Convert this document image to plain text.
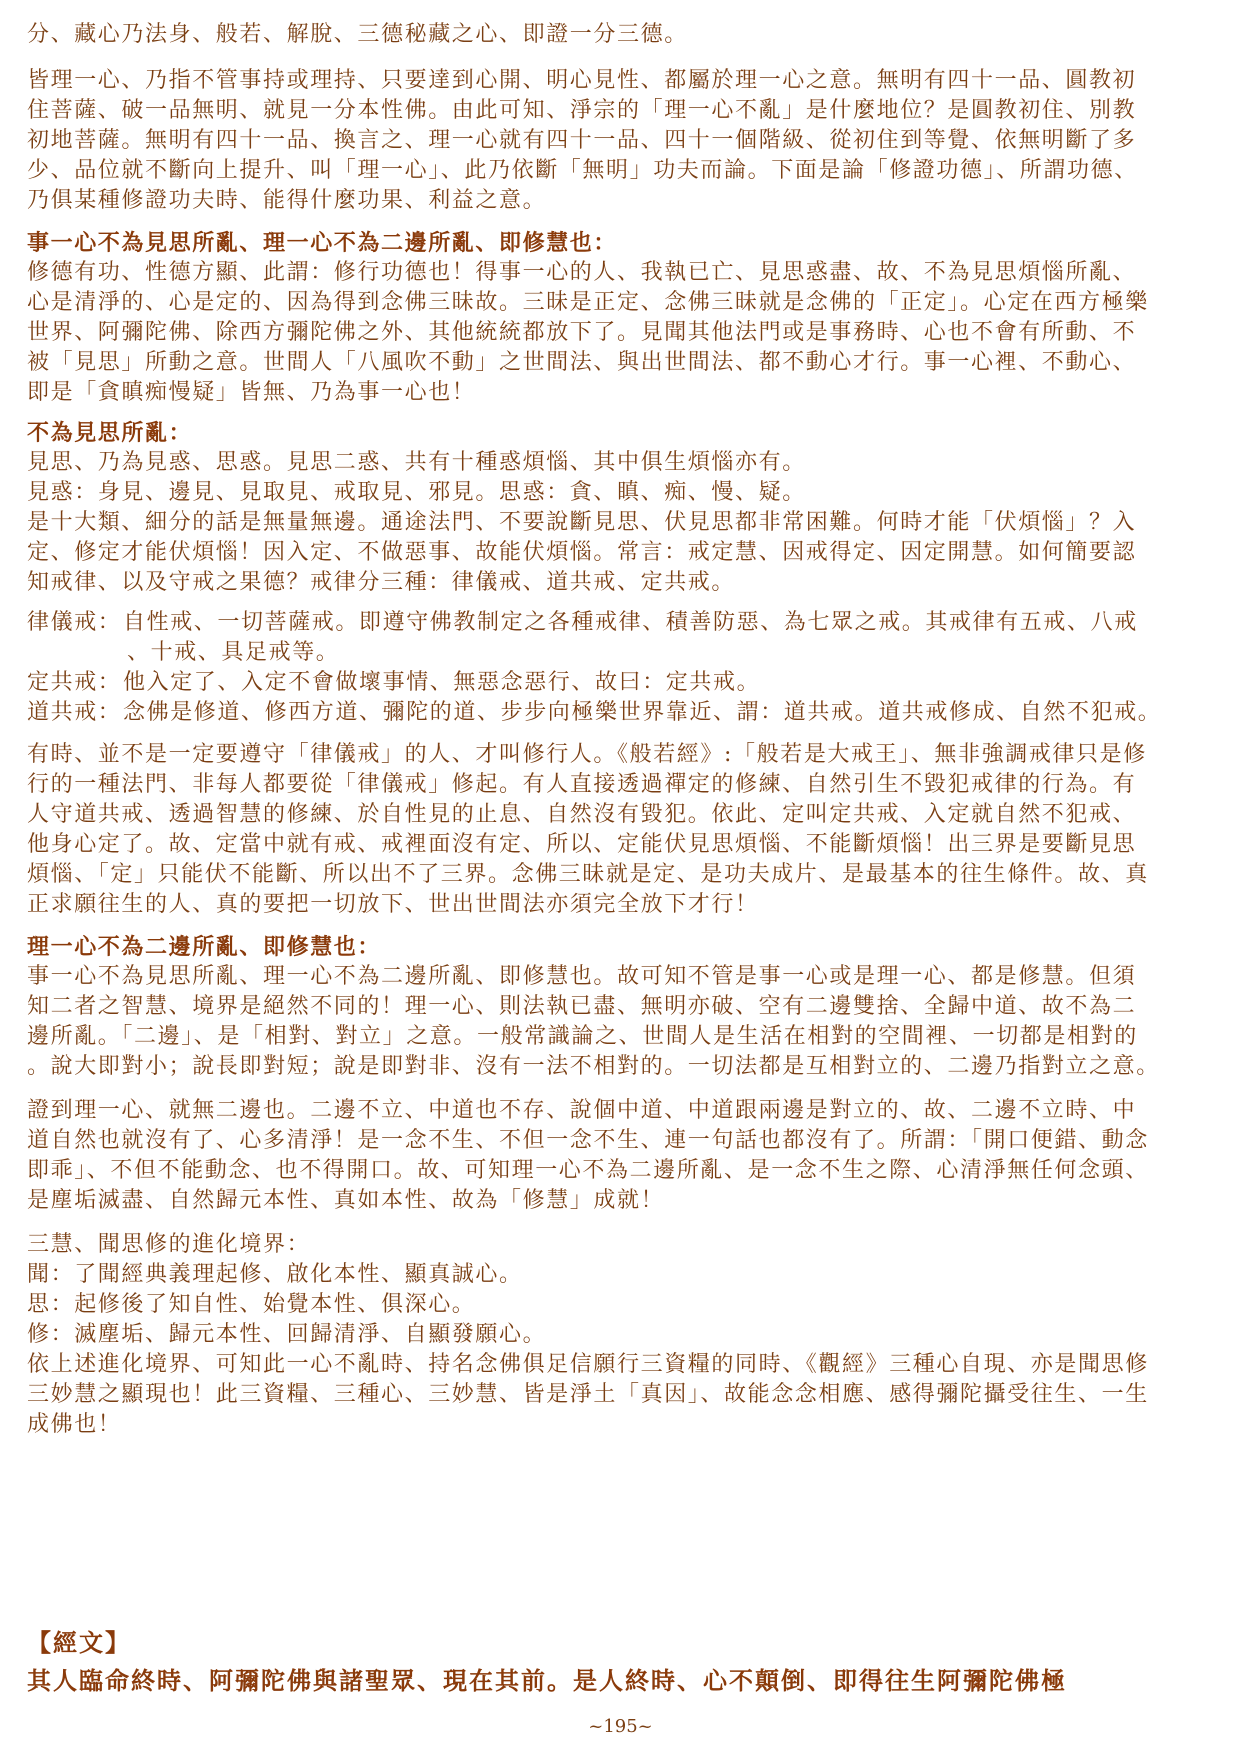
分、藏心乃法身、般若、解脫、三德秘藏之心、即證一分三德。
皆理一心、乃指不管事持或理持、只要達到心開、明心見性、都屬於理一心之意。無明有四十一品、圓教初
住菩薩、破一品無明、就見一分本性佛。由此可知、淨宗的「理一心不亂」是什麼地位？是圓教初住、別教
初地菩薩。無明有四十一品、換言之、理一心就有四十一品、四十一個階級、從初住到等覺、依無明斷了多
少、品位就不斷向上提升、叫「理一心」、此乃依斷「無明」功夫而論。下面是論「修證功德」、所謂功德、
乃俱某種修證功夫時、能得什麼功果、利益之意。
事一心不為見思所亂、理一心不為二邊所亂、即修慧也：
修德有功、性德方顯、此謂：修行功德也！得事一心的人、我執已亡、見思惑盡、故、不為見思煩惱所亂、
心是清淨的、心是定的、因為得到念佛三昧故。三昧是正定、念佛三昧就是念佛的「正定」。心定在西方極樂
世界、阿彌陀佛、除西方彌陀佛之外、其他統統都放下了。見聞其他法門或是事務時、心也不會有所動、不
被「見思」所動之意。世間人「八風吹不動」之世間法、與出世間法、都不動心才行。事一心裡、不動心、
即是「貪瞋痴慢疑」皆無、乃為事一心也！
不為見思所亂：
見思、乃為見惑、思惑。見思二惑、共有十種惑煩惱、其中俱生煩惱亦有。
見惑：身見、邊見、見取見、戒取見、邪見。思惑：貪、瞋、痴、慢、疑。
是十大類、細分的話是無量無邊。通途法門、不要說斷見思、伏見思都非常困難。何時才能「伏煩惱」？入
定、修定才能伏煩惱！因入定、不做惡事、故能伏煩惱。常言：戒定慧、因戒得定、因定開慧。如何簡要認
知戒律、以及守戒之果德？戒律分三種：律儀戒、道共戒、定共戒。
律儀戒：自性戒、一切菩薩戒。即遵守佛教制定之各種戒律、積善防惡、為七眾之戒。其戒律有五戒、八戒
、十戒、具足戒等。
定共戒：他入定了、入定不會做壞事情、無惡念惡行、故曰：定共戒。
道共戒：念佛是修道、修西方道、彌陀的道、步步向極樂世界靠近、謂：道共戒。道共戒修成、自然不犯戒。
有時、並不是一定要遵守「律儀戒」的人、才叫修行人。《般若經》:「般若是大戒王」、無非強調戒律只是修
行的一種法門、非每人都要從「律儀戒」修起。有人直接透過禪定的修練、自然引生不毀犯戒律的行為。有
人守道共戒、透過智慧的修練、於自性見的止息、自然沒有毀犯。依此、定叫定共戒、入定就自然不犯戒、
他身心定了。故、定當中就有戒、戒裡面沒有定、所以、定能伏見思煩惱、不能斷煩惱！出三界是要斷見思
煩惱、「定」只能伏不能斷、所以出不了三界。念佛三昧就是定、是功夫成片、是最基本的往生條件。故、真
正求願往生的人、真的要把一切放下、世出世間法亦須完全放下才行！
理一心不為二邊所亂、即修慧也：
事一心不為見思所亂、理一心不為二邊所亂、即修慧也。故可知不管是事一心或是理一心、都是修慧。但須
知二者之智慧、境界是絕然不同的！理一心、則法執已盡、無明亦破、空有二邊雙捨、全歸中道、故不為二
邊所亂。「二邊」、是「相對、對立」之意。一般常識論之、世間人是生活在相對的空間裡、一切都是相對的
。說大即對小；說長即對短；說是即對非、沒有一法不相對的。一切法都是互相對立的、二邊乃指對立之意。
證到理一心、就無二邊也。二邊不立、中道也不存、說個中道、中道跟兩邊是對立的、故、二邊不立時、中
道自然也就沒有了、心多清淨！是一念不生、不但一念不生、連一句話也都沒有了。所謂：「開口便錯、動念
即乖」、不但不能動念、也不得開口。故、可知理一心不為二邊所亂、是一念不生之際、心清淨無任何念頭、
是塵垢滅盡、自然歸元本性、真如本性、故為「修慧」成就！
三慧、聞思修的進化境界：
聞：了聞經典義理起修、啟化本性、顯真誠心。
思：起修後了知自性、始覺本性、俱深心。
修：滅塵垢、歸元本性、回歸清淨、自顯發願心。
依上述進化境界、可知此一心不亂時、持名念佛俱足信願行三資糧的同時、《觀經》三種心自現、亦是聞思修
三妙慧之顯現也！此三資糧、三種心、三妙慧、皆是淨土「真因」、故能念念相應、感得彌陀攝受往生、一生
成佛也！
【經文】
其人臨命終時、阿彌陀佛與諸聖眾、現在其前。是人終時、心不顛倒、即得往生阿彌陀佛極
~195~
